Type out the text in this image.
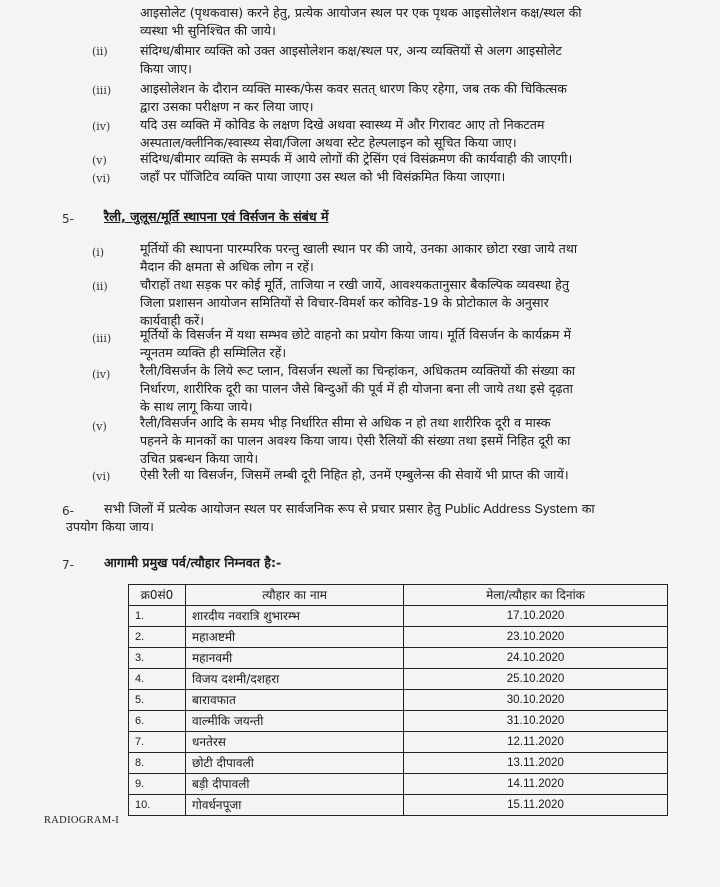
आइसोलेट (पृथकवास) करने हेतु, प्रत्येक आयोजन स्थल पर एक पृथक आइसोलेशन कक्ष/स्थल की
व्यस्था भी सुनिश्चित की जाये।
(ii)	संदिग्ध/बीमार व्यक्ति को उक्त आइसोलेशन कक्ष/स्थल पर, अन्य व्यक्तियों से अलग आइसोलेट
किया जाए।
(iii) आइसोलेशन के दौरान व्यक्ति मास्क/फेस कवर सतत् धारण किए रहेगा, जब तक की चिकित्सक
द्वारा उसका परीक्षण न कर लिया जाए।
(iv) यदि उस व्यक्ति में कोविड के लक्षण दिखे अथवा स्वास्थ्य में और गिरावट आए तो निकटतम
अस्पताल/क्लीनिक/स्वास्थ्य सेवा/जिला अथवा स्टेट हेल्पलाइन को सूचित किया जाए।
(v)	संदिग्ध/बीमार व्यक्ति के सम्पर्क में आये लोगों की ट्रेसिंग एवं विसंक्रमण की कार्यवाही की जाएगी।
(vi) जहाँ पर पॉजिटिव व्यक्ति पाया जाएगा उस स्थल को भी विसंक्रमित किया जाएगा।
5- रैली, जुलूस/मूर्ति स्थापना एवं विर्सजन के संबंध में
(i)	मूर्तियों की स्थापना पारम्परिक परन्तु खाली स्थान पर की जाये, उनका आकार छोटा रखा जाये तथा
मैदान की क्षमता से अधिक लोग न रहें।
(ii)	चौराहों तथा सड़क पर कोई मूर्ति, ताजिया न रखी जायें, आवश्यकतानुसार बैकल्पिक व्यवस्था हेतु
जिला प्रशासन आयोजन समितियों से विचार-विमर्श कर कोविड-19 के प्रोटोकाल के अनुसार
कार्यवाही करें।
(iii) मूर्तियों के विसर्जन में यथा सम्भव छोटे वाहनो का प्रयोग किया जाय। मूर्ति विसर्जन के कार्यक्रम में
न्यूनतम व्यक्ति ही सम्मिलित रहें।
(iv) रैली/विसर्जन के लिये रूट प्लान, विसर्जन स्थलों का चिन्हांकन, अधिकतम व्यक्तियों की संख्या का
निर्धारण, शारीरिक दूरी का पालन जैसे बिन्दुओं की पूर्व में ही योजना बना ली जाये तथा इसे दृढ़ता
के साथ लागू किया जाये।
(v)	रैली/विसर्जन आदि के समय भीड़ निर्धारित सीमा से अधिक न हो तथा शारीरिक दूरी व मास्क
पहनने के मानकों का पालन अवश्य किया जाय। ऐसी रैलियों की संख्या तथा इसमें निहित दूरी का
उचित प्रबन्धन किया जाये।
(vi) ऐसी रैली या विसर्जन, जिसमें लम्बी दूरी निहित हो, उनमें एम्बुलेन्स की सेवायें भी प्राप्त की जायें।
6- सभी जिलों में प्रत्येक आयोजन स्थल पर सार्वजनिक रूप से प्रचार प्रसार हेतु Public Address System का
उपयोग किया जाय।
7- आगामी प्रमुख पर्व/त्यौहार निम्नवत है:-
क्र0सं0	त्यौहार का नाम	मेला/त्यौहार का दिनांक
1.	शारदीय नवरात्रि शुभारम्भ	17.10.2020
2.	महाअष्टमी	23.10.2020
3.	महानवमी	24.10.2020
4.	विजय दशमी/दशहरा	25.10.2020
5.	बारावफात	30.10.2020
6.	वाल्मीकि जयन्ती	31.10.2020
7.	धनतेरस	12.11.2020
8.	छोटी दीपावली	13.11.2020
9.	बड़ी दीपावली	14.11.2020
10.	गोवर्धनपूजा	15.11.2020
RADIOGRAM-I
